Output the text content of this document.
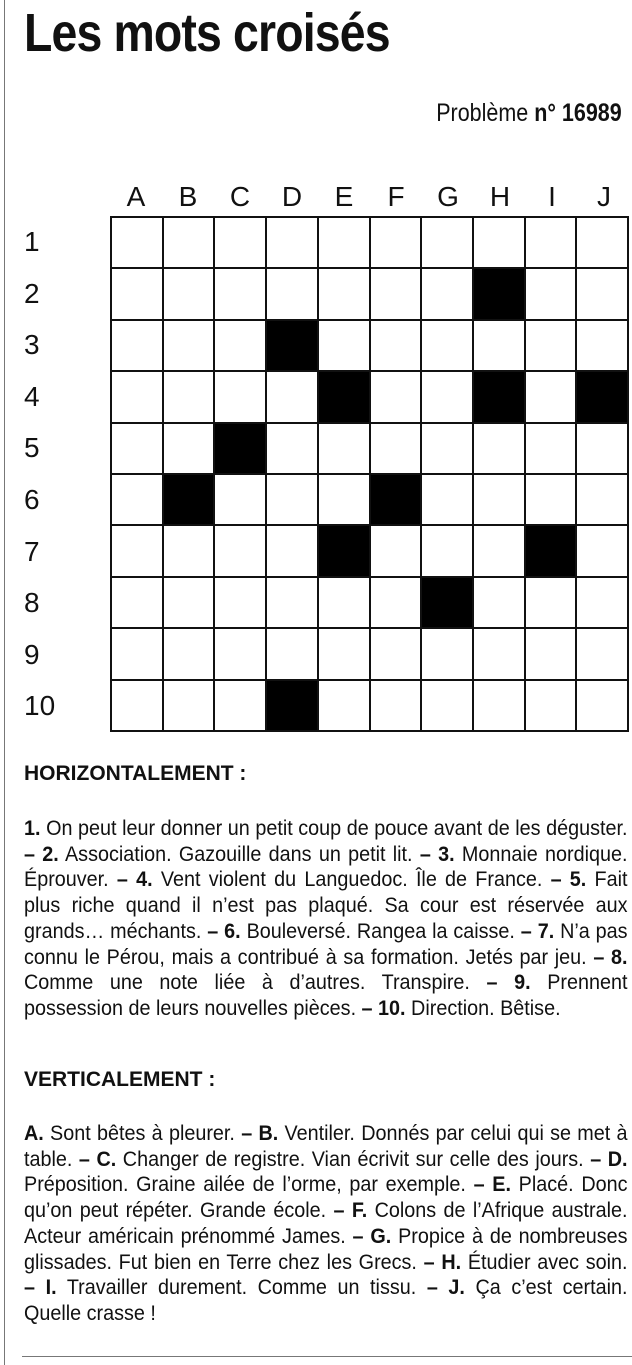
Les mots croisés
Problème n° 16989
A	B	C	D	E	F	G	H	I	J
1
2
3
4
5
6
7
8
9
10
HORIZONTALEMENT :

1. On peut leur donner un petit coup de pouce avant de les déguster. – 2. Association. Gazouille dans un petit lit. – 3. Monnaie nordique. Éprouver. – 4. Vent violent du Languedoc. Île de France. – 5. Fait plus riche quand il n’est pas plaqué. Sa cour est réservée aux grands… méchants. – 6. Bouleversé. Rangea la caisse. – 7. N’a pas connu le Pérou, mais a contribué à sa formation. Jetés par jeu. – 8. Comme une note liée à d’autres. Transpire. – 9. Prennent possession de leurs nouvelles pièces. – 10. Direction. Bêtise.

VERTICALEMENT :

A. Sont bêtes à pleurer. – B. Ventiler. Donnés par celui qui se met à table. – C. Changer de registre. Vian écrivit sur celle des jours. – D. Préposition. Graine ailée de l’orme, par exemple. – E. Placé. Donc qu’on peut répéter. Grande école. – F. Colons de l’Afrique australe. Acteur américain prénommé James. – G. Propice à de nombreuses glissades. Fut bien en Terre chez les Grecs. – H. Étudier avec soin. – I. Travailler durement. Comme un tissu. – J. Ça c’est certain. Quelle crasse !
